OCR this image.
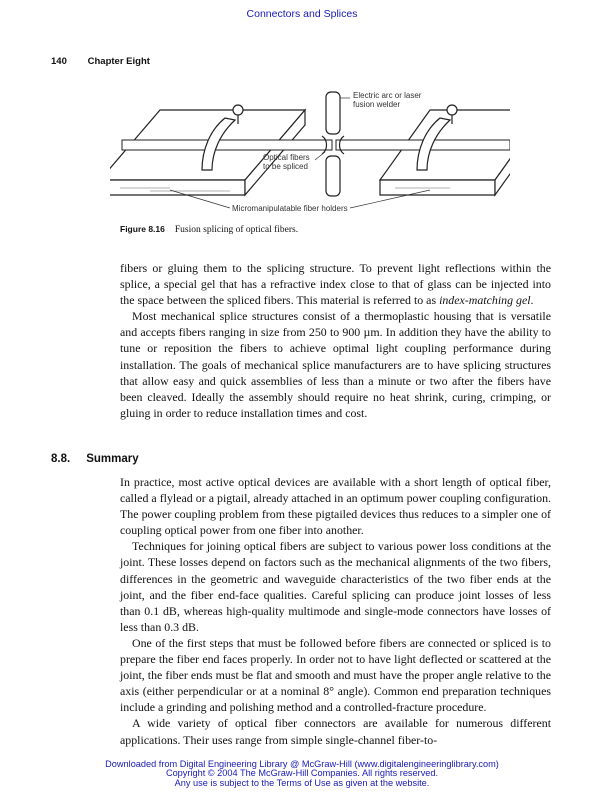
Connectors and Splices
140 Chapter Eight
Electric arc or laser fusion welder
Optical fibers to be spliced
Micromanipulatable fiber holders
Figure 8.16 Fusion splicing of optical fibers.

fibers or gluing them to the splicing structure. To prevent light reflections within the splice, a special gel that has a refractive index close to that of glass can be injected into the space between the spliced fibers. This material is referred to as index-matching gel.

Most mechanical splice structures consist of a thermoplastic housing that is versatile and accepts fibers ranging in size from 250 to 900 µm. In addition they have the ability to tune or reposition the fibers to achieve optimal light coupling performance during installation. The goals of mechanical splice manufacturers are to have splicing structures that allow easy and quick assemblies of less than a minute or two after the fibers have been cleaved. Ideally the assembly should require no heat shrink, curing, crimping, or gluing in order to reduce installation times and cost.

8.8. Summary

In practice, most active optical devices are available with a short length of optical fiber, called a flylead or a pigtail, already attached in an optimum power coupling configuration. The power coupling problem from these pigtailed devices thus reduces to a simpler one of coupling optical power from one fiber into another.

Techniques for joining optical fibers are subject to various power loss conditions at the joint. These losses depend on factors such as the mechanical alignments of the two fibers, differences in the geometric and waveguide characteristics of the two fiber ends at the joint, and the fiber end-face qualities. Careful splicing can produce joint losses of less than 0.1 dB, whereas high-quality multimode and single-mode connectors have losses of less than 0.3 dB.

One of the first steps that must be followed before fibers are connected or spliced is to prepare the fiber end faces properly. In order not to have light deflected or scattered at the joint, the fiber ends must be flat and smooth and must have the proper angle relative to the axis (either perpendicular or at a nominal 8° angle). Common end preparation techniques include a grinding and polishing method and a controlled-fracture procedure.

A wide variety of optical fiber connectors are available for numerous different applications. Their uses range from simple single-channel fiber-to-

Downloaded from Digital Engineering Library @ McGraw-Hill (www.digitalengineeringlibrary.com)
Copyright © 2004 The McGraw-Hill Companies. All rights reserved.
Any use is subject to the Terms of Use as given at the website.
